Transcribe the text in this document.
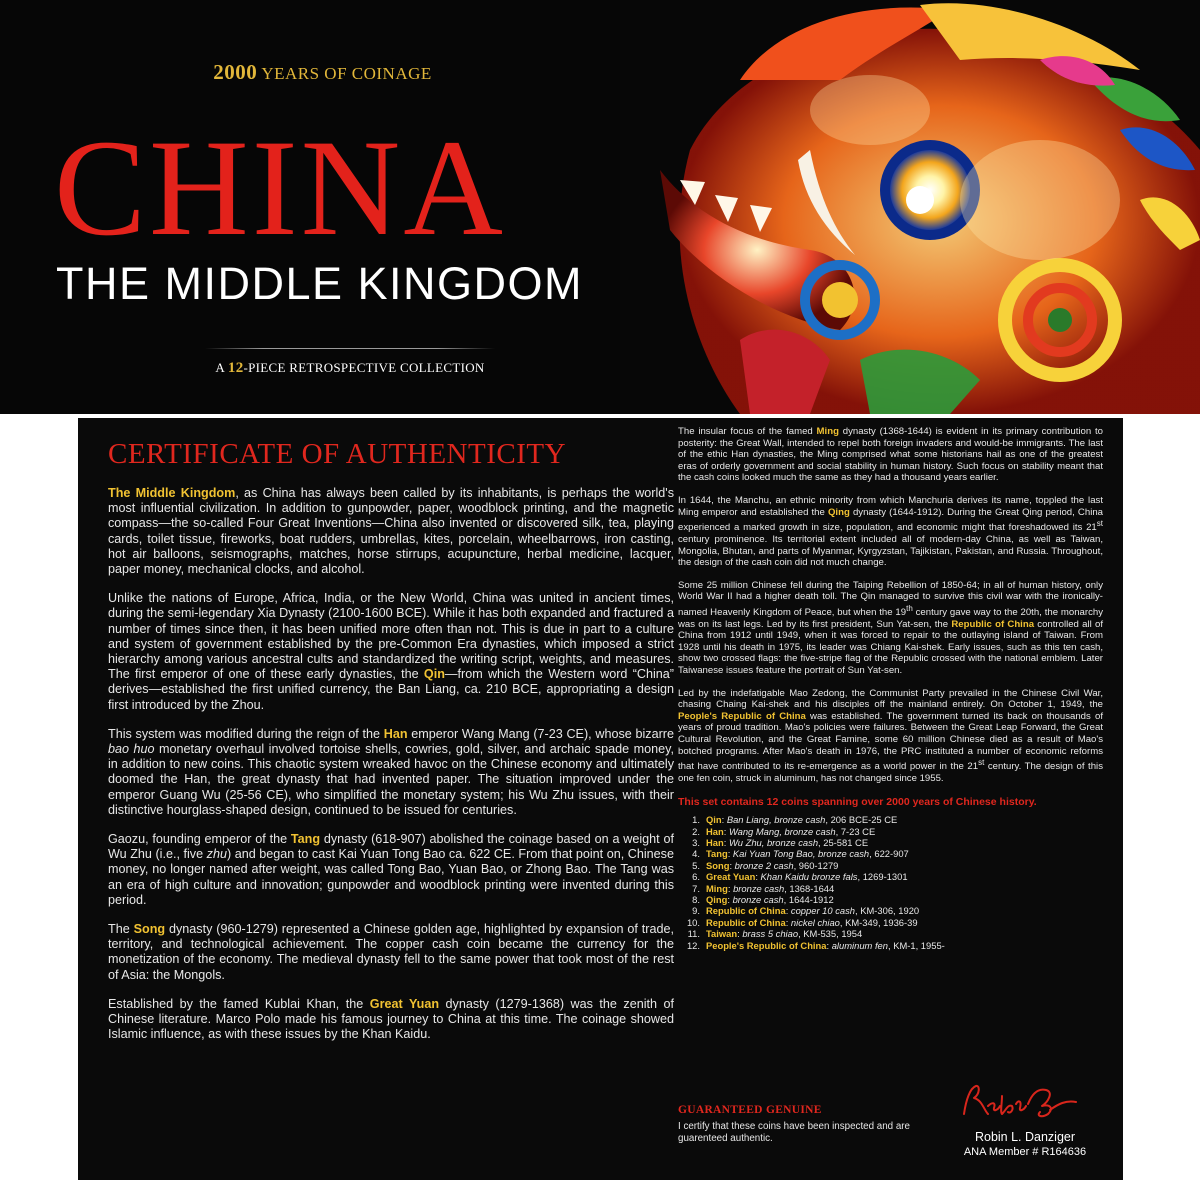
2000 YEARS OF COINAGE
CHINA
THE MIDDLE KINGDOM
A 12-PIECE RETROSPECTIVE COLLECTION
CERTIFICATE OF AUTHENTICITY

The Middle Kingdom, as China has always been called by its inhabitants, is perhaps the world's most influential civilization. In addition to gunpowder, paper, woodblock printing, and the magnetic compass—the so-called Four Great Inventions—China also invented or discovered silk, tea, playing cards, toilet tissue, fireworks, boat rudders, umbrellas, kites, porcelain, wheelbarrows, iron casting, hot air balloons, seismographs, matches, horse stirrups, acupuncture, herbal medicine, lacquer, paper money, mechanical clocks, and alcohol.

Unlike the nations of Europe, Africa, India, or the New World, China was united in ancient times, during the semi-legendary Xia Dynasty (2100-1600 BCE). While it has both expanded and fractured a number of times since then, it has been unified more often than not. This is due in part to a culture and system of government established by the pre-Common Era dynasties, which imposed a strict hierarchy among various ancestral cults and standardized the writing script, weights, and measures. The first emperor of one of these early dynasties, the Qin—from which the Western word “China” derives—established the first unified currency, the Ban Liang, ca. 210 BCE, appropriating a design first introduced by the Zhou.

This system was modified during the reign of the Han emperor Wang Mang (7-23 CE), whose bizarre bao huo monetary overhaul involved tortoise shells, cowries, gold, silver, and archaic spade money, in addition to new coins. This chaotic system wreaked havoc on the Chinese economy and ultimately doomed the Han, the great dynasty that had invented paper. The situation improved under the emperor Guang Wu (25-56 CE), who simplified the monetary system; his Wu Zhu issues, with their distinctive hourglass-shaped design, continued to be issued for centuries.

Gaozu, founding emperor of the Tang dynasty (618-907) abolished the coinage based on a weight of Wu Zhu (i.e., five zhu) and began to cast Kai Yuan Tong Bao ca. 622 CE. From that point on, Chinese money, no longer named after weight, was called Tong Bao, Yuan Bao, or Zhong Bao. The Tang was an era of high culture and innovation; gunpowder and woodblock printing were invented during this period.

The Song dynasty (960-1279) represented a Chinese golden age, highlighted by expansion of trade, territory, and technological achievement. The copper cash coin became the currency for the monetization of the economy. The medieval dynasty fell to the same power that took most of the rest of Asia: the Mongols.

Established by the famed Kublai Khan, the Great Yuan dynasty (1279-1368) was the zenith of Chinese literature. Marco Polo made his famous journey to China at this time. The coinage showed Islamic influence, as with these issues by the Khan Kaidu.

The insular focus of the famed Ming dynasty (1368-1644) is evident in its primary contribution to posterity: the Great Wall, intended to repel both foreign invaders and would-be immigrants. The last of the ethic Han dynasties, the Ming comprised what some historians hail as one of the greatest eras of orderly government and social stability in human history. Such focus on stability meant that the cash coins looked much the same as they had a thousand years earlier.

In 1644, the Manchu, an ethnic minority from which Manchuria derives its name, toppled the last Ming emperor and established the Qing dynasty (1644-1912). During the Great Qing period, China experienced a marked growth in size, population, and economic might that foreshadowed its 21st century prominence. Its territorial extent included all of modern-day China, as well as Taiwan, Mongolia, Bhutan, and parts of Myanmar, Kyrgyzstan, Tajikistan, Pakistan, and Russia. Throughout, the design of the cash coin did not much change.

Some 25 million Chinese fell during the Taiping Rebellion of 1850-64; in all of human history, only World War II had a higher death toll. The Qin managed to survive this civil war with the ironically-named Heavenly Kingdom of Peace, but when the 19th century gave way to the 20th, the monarchy was on its last legs. Led by its first president, Sun Yat-sen, the Republic of China controlled all of China from 1912 until 1949, when it was forced to repair to the outlaying island of Taiwan. From 1928 until his death in 1975, its leader was Chiang Kai-shek. Early issues, such as this ten cash, show two crossed flags: the five-stripe flag of the Republic crossed with the national emblem. Later Taiwanese issues feature the portrait of Sun Yat-sen.

Led by the indefatigable Mao Zedong, the Communist Party prevailed in the Chinese Civil War, chasing Chaing Kai-shek and his disciples off the mainland entirely. On October 1, 1949, the People's Republic of China was established. The government turned its back on thousands of years of proud tradition. Mao's policies were failures. Between the Great Leap Forward, the Great Cultural Revolution, and the Great Famine, some 60 million Chinese died as a result of Mao's botched programs. After Mao's death in 1976, the PRC instituted a number of economic reforms that have contributed to its re-emergence as a world power in the 21st century. The design of this one fen coin, struck in aluminum, has not changed since 1955.

This set contains 12 coins spanning over 2000 years of Chinese history.
1. Qin: Ban Liang, bronze cash, 206 BCE-25 CE
2. Han: Wang Mang, bronze cash, 7-23 CE
3. Han: Wu Zhu, bronze cash, 25-581 CE
4. Tang: Kai Yuan Tong Bao, bronze cash, 622-907
5. Song: bronze 2 cash, 960-1279
6. Great Yuan: Khan Kaidu bronze fals, 1269-1301
7. Ming: bronze cash, 1368-1644
8. Qing: bronze cash, 1644-1912
9. Republic of China: copper 10 cash, KM-306, 1920
10. Republic of China: nickel chiao, KM-349, 1936-39
11. Taiwan: brass 5 chiao, KM-535, 1954
12. People's Republic of China: aluminum fen, KM-1, 1955-
GUARANTEED GENUINE
I certify that these coins have been inspected and are guarenteed authentic.	Robin L. Danziger
ANA Member # R164636
